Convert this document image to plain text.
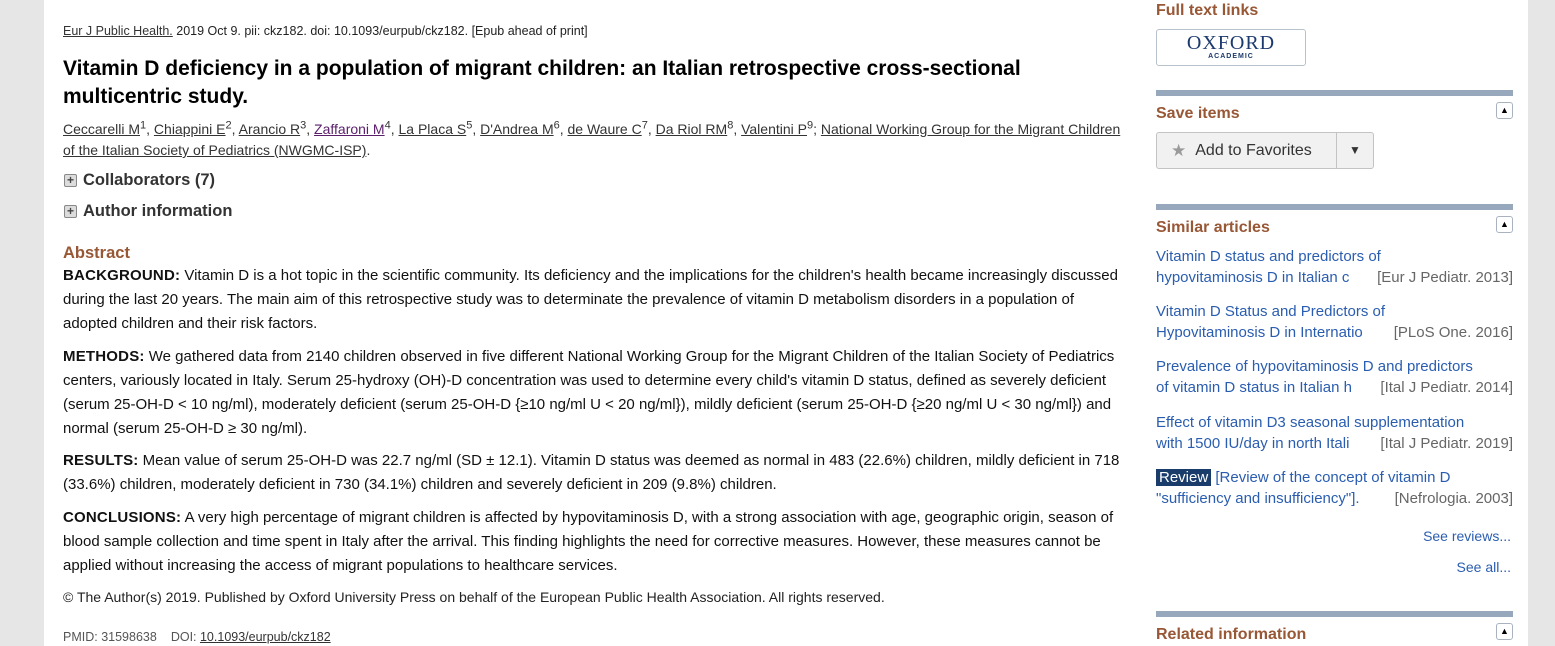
Eur J Public Health. 2019 Oct 9. pii: ckz182. doi: 10.1093/eurpub/ckz182. [Epub ahead of print]
Vitamin D deficiency in a population of migrant children: an Italian retrospective cross-sectional multicentric study.
Ceccarelli $M^1$, Chiappini $E^2$, Arancio $R^3$, Zaffaroni $M^4$, La Placa $S^5$, D'Andrea $M^6$, de Waure $C^7$, Da Riol $RM^8$, Valentini $P^9$; National Working Group for the Migrant Children of the Italian Society of Pediatrics (NWGMC-ISP).
+ Collaborators (7)
+ Author information
Abstract

BACKGROUND: Vitamin D is a hot topic in the scientific community. Its deficiency and the implications for the children's health became increasingly discussed during the last 20 years. The main aim of this retrospective study was to determinate the prevalence of vitamin D metabolism disorders in a population of adopted children and their risk factors.

METHODS: We gathered data from 2140 children observed in five different National Working Group for the Migrant Children of the Italian Society of Pediatrics centers, variously located in Italy. Serum 25-hydroxy (OH)-D concentration was used to determine every child's vitamin D status, defined as severely deficient (serum 25-OH-D < 10 ng/ml), moderately deficient (serum 25-OH-D {≥10 ng/ml U < 20 ng/ml}), mildly deficient (serum 25-OH-D {≥20 ng/ml U < 30 ng/ml}) and normal (serum 25-OH-D ≥ 30 ng/ml).

RESULTS: Mean value of serum 25-OH-D was 22.7 ng/ml (SD ± 12.1). Vitamin D status was deemed as normal in 483 (22.6%) children, mildly deficient in 718 (33.6%) children, moderately deficient in 730 (34.1%) children and severely deficient in 209 (9.8%) children.

CONCLUSIONS: A very high percentage of migrant children is affected by hypovitaminosis D, with a strong association with age, geographic origin, season of blood sample collection and time spent in Italy after the arrival. This finding highlights the need for corrective measures. However, these measures cannot be applied without increasing the access of migrant populations to healthcare services.

© The Author(s) 2019. Published by Oxford University Press on behalf of the European Public Health Association. All rights reserved.
PMID: 31598638 DOI: 10.1093/eurpub/ckz182
Full text links
OXFORD
ACADEMIC
Save items	▲
★ Add to Favorites	▼
Similar articles	▲
Vitamin D status and predictors of
hypovitaminosis D in Italian c	[Eur J Pediatr. 2013]
Vitamin D Status and Predictors of
Hypovitaminosis D in Internatio	[PLoS One. 2016]
Prevalence of hypovitaminosis D and predictors
of vitamin D status in Italian h	[Ital J Pediatr. 2014]
Effect of vitamin D3 seasonal supplementation
with 1500 IU/day in north Itali	[Ital J Pediatr. 2019]
Review [Review of the concept of vitamin D
"sufficiency and insufficiency"].	[Nefrologia. 2003]
See reviews...
See all...
Related information	▲
